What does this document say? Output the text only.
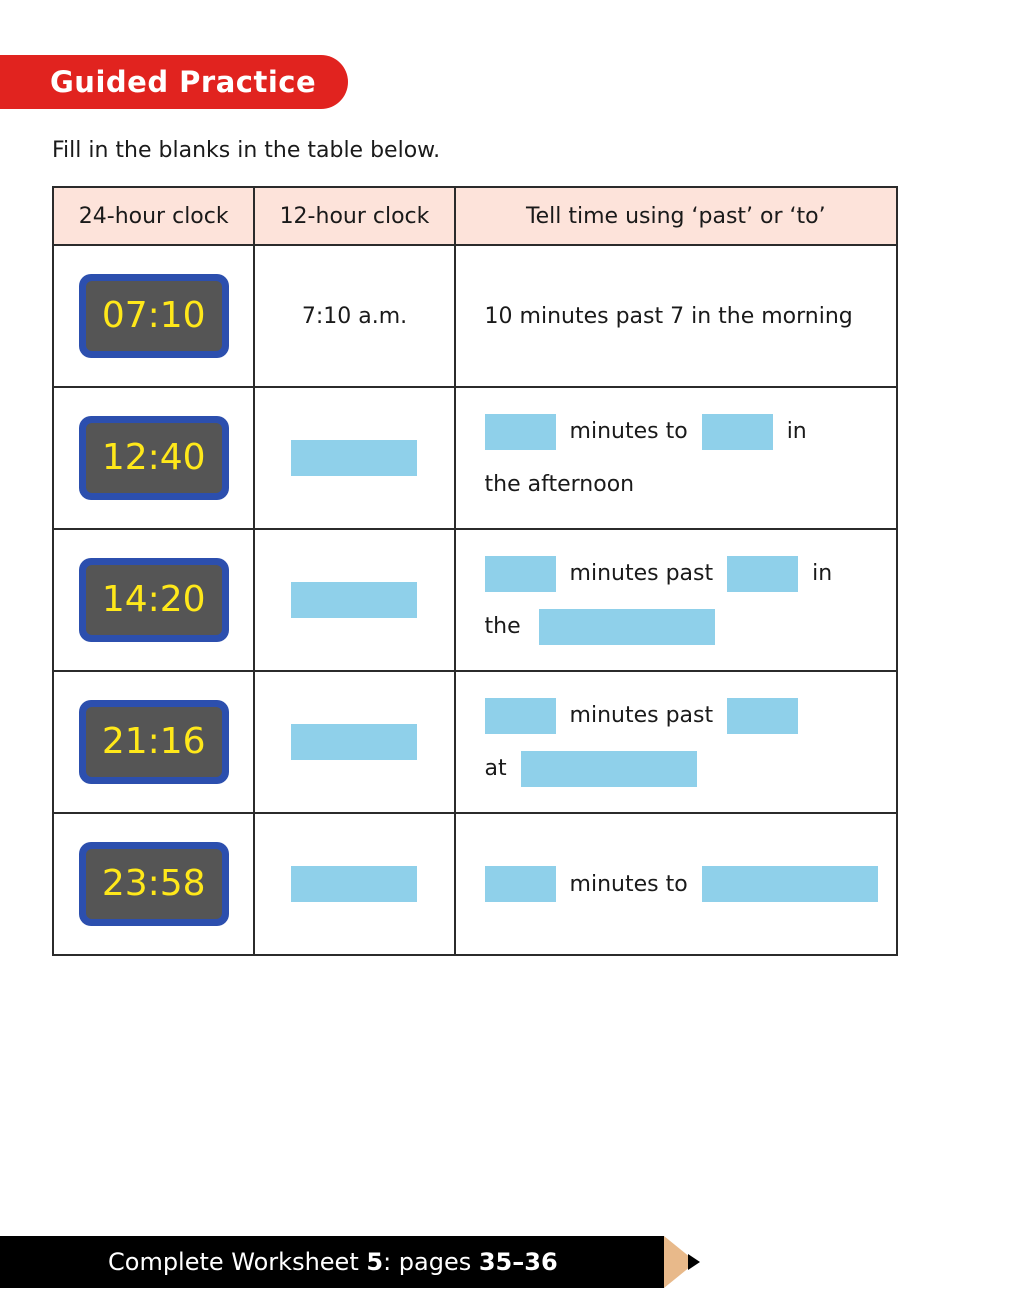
Guided Practice
Fill in the blanks in the table below.
24-hour clock	12-hour clock	Tell time using ‘past’ or ‘to’

07:10	7:10 a.m.	10 minutes past 7 in the morning

12:40		minutes to in
the afternoon

14:20		minutes past in
the

21:16		minutes past
at

23:58		minutes to
Complete Worksheet 5: pages 35–36
